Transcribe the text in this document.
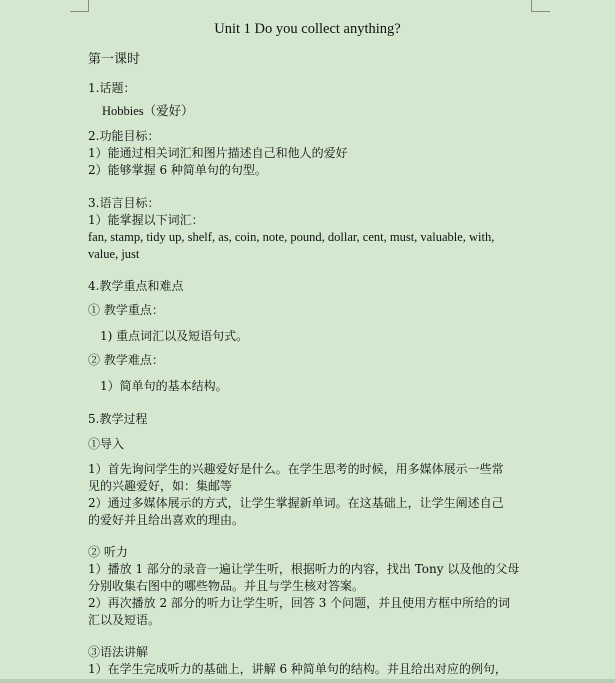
Unit 1 Do you collect anything?
第一课时
1.话题：
Hobbies（爱好）
2.功能目标：
1）能通过相关词汇和图片描述自己和他人的爱好
2）能够掌握 6 种简单句的句型。
3.语言目标：
1）能掌握以下词汇：
fan, stamp, tidy up, shelf, as, coin, note, pound, dollar, cent, must, valuable, with,
value, just
4.教学重点和难点
① 教学重点：
1) 重点词汇以及短语句式。
② 教学难点：
1）简单句的基本结构。
5.教学过程
①导入
1）首先询问学生的兴趣爱好是什么。在学生思考的时候，用多媒体展示一些常
见的兴趣爱好，如：集邮等
2）通过多媒体展示的方式，让学生掌握新单词。在这基础上，让学生阐述自己
的爱好并且给出喜欢的理由。
② 听力
1）播放 1 部分的录音一遍让学生听，根据听力的内容，找出 Tony 以及他的父母
分别收集右图中的哪些物品。并且与学生核对答案。
2）再次播放 2 部分的听力让学生听，回答 3 个问题，并且使用方框中所给的词
汇以及短语。
③语法讲解
1）在学生完成听力的基础上，讲解 6 种简单句的结构。并且给出对应的例句，
